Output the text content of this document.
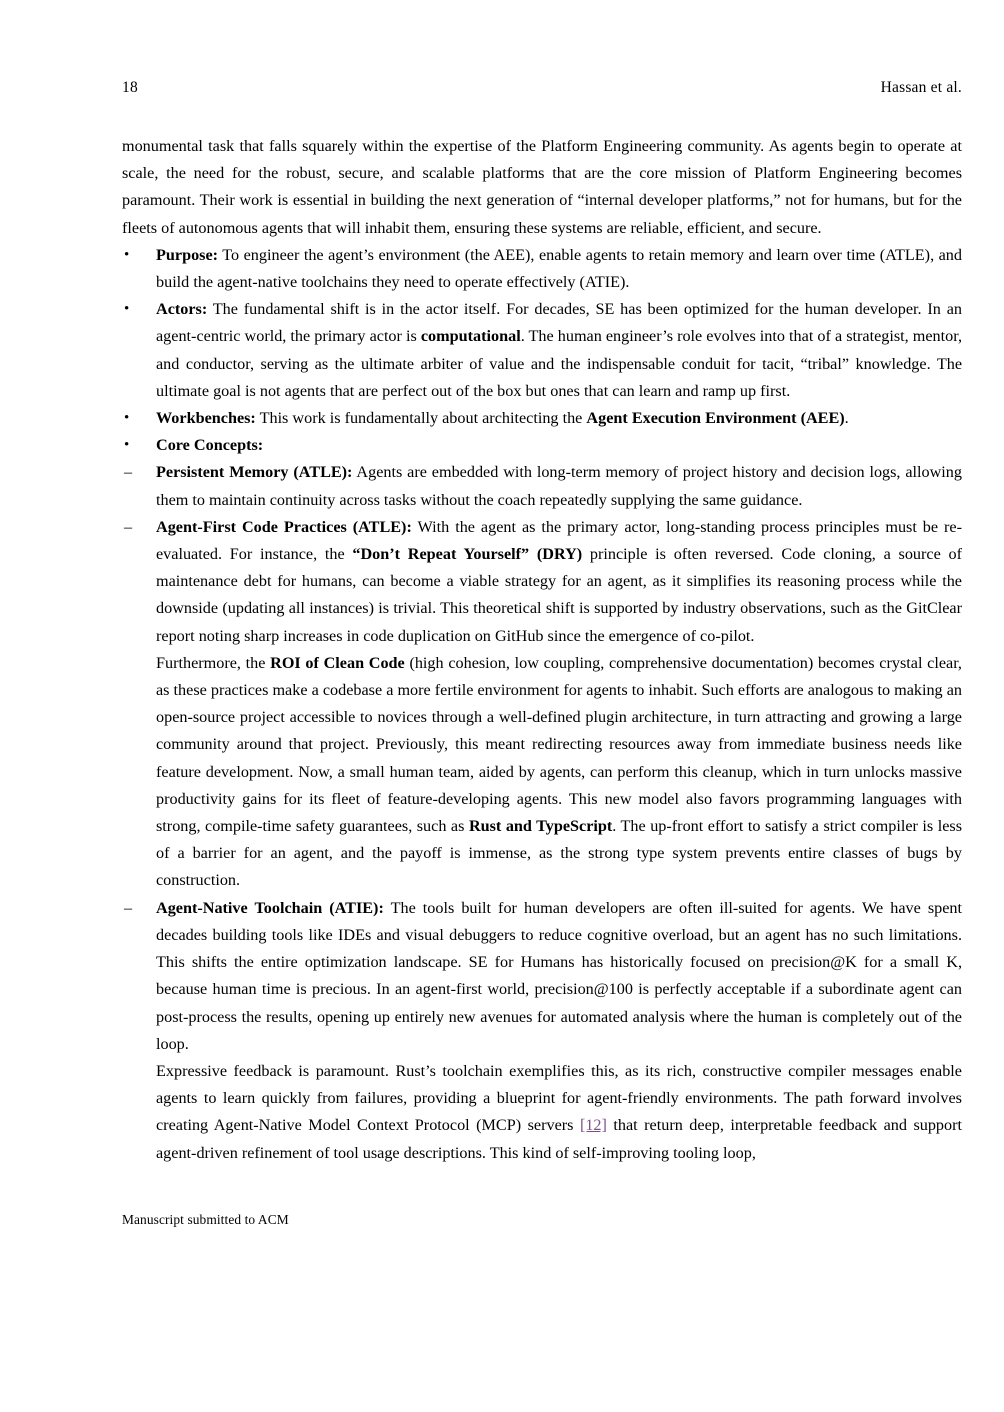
18	Hassan et al.

monumental task that falls squarely within the expertise of the Platform Engineering community. As agents begin to operate at scale, the need for the robust, secure, and scalable platforms that are the core mission of Platform Engineering becomes paramount. Their work is essential in building the next generation of “internal developer platforms,” not for humans, but for the fleets of autonomous agents that will inhabit them, ensuring these systems are reliable, efficient, and secure.

• Purpose: To engineer the agent’s environment (the AEE), enable agents to retain memory and learn over time (ATLE), and build the agent-native toolchains they need to operate effectively (ATIE).
• Actors: The fundamental shift is in the actor itself. For decades, SE has been optimized for the human developer. In an agent-centric world, the primary actor is computational. The human engineer’s role evolves into that of a strategist, mentor, and conductor, serving as the ultimate arbiter of value and the indispensable conduit for tacit, “tribal” knowledge. The ultimate goal is not agents that are perfect out of the box but ones that can learn and ramp up first.
• Workbenches: This work is fundamentally about architecting the Agent Execution Environment (AEE).
• Core Concepts:
– Persistent Memory (ATLE): Agents are embedded with long-term memory of project history and decision logs, allowing them to maintain continuity across tasks without the coach repeatedly supplying the same guidance.
– Agent-First Code Practices (ATLE): With the agent as the primary actor, long-standing process principles must be re-evaluated. For instance, the “Don’t Repeat Yourself” (DRY) principle is often reversed. Code cloning, a source of maintenance debt for humans, can become a viable strategy for an agent, as it simplifies its reasoning process while the downside (updating all instances) is trivial. This theoretical shift is supported by industry observations, such as the GitClear report noting sharp increases in code duplication on GitHub since the emergence of co-pilot.
Furthermore, the ROI of Clean Code (high cohesion, low coupling, comprehensive documentation) becomes crystal clear, as these practices make a codebase a more fertile environment for agents to inhabit. Such efforts are analogous to making an open-source project accessible to novices through a well-defined plugin architecture, in turn attracting and growing a large community around that project. Previously, this meant redirecting resources away from immediate business needs like feature development. Now, a small human team, aided by agents, can perform this cleanup, which in turn unlocks massive productivity gains for its fleet of feature-developing agents. This new model also favors programming languages with strong, compile-time safety guarantees, such as Rust and TypeScript. The up-front effort to satisfy a strict compiler is less of a barrier for an agent, and the payoff is immense, as the strong type system prevents entire classes of bugs by construction.
– Agent-Native Toolchain (ATIE): The tools built for human developers are often ill-suited for agents. We have spent decades building tools like IDEs and visual debuggers to reduce cognitive overload, but an agent has no such limitations. This shifts the entire optimization landscape. SE for Humans has historically focused on precision@K for a small K, because human time is precious. In an agent-first world, precision@100 is perfectly acceptable if a subordinate agent can post-process the results, opening up entirely new avenues for automated analysis where the human is completely out of the loop.
Expressive feedback is paramount. Rust’s toolchain exemplifies this, as its rich, constructive compiler messages enable agents to learn quickly from failures, providing a blueprint for agent-friendly environments. The path forward involves creating Agent-Native Model Context Protocol (MCP) servers [12] that return deep, interpretable feedback and support agent-driven refinement of tool usage descriptions. This kind of self-improving tooling loop,
Manuscript submitted to ACM
